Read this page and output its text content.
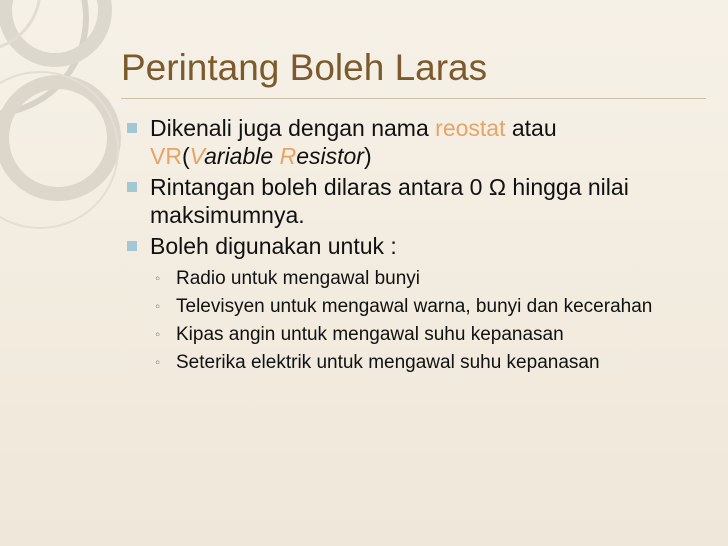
Perintang Boleh Laras
Dikenali juga dengan nama reostat atau
VR(Variable Resistor)
Rintangan boleh dilaras antara 0 Ω hingga nilai maksimumnya.
Boleh digunakan untuk :
◦ Radio untuk mengawal bunyi
◦ Televisyen untuk mengawal warna, bunyi dan kecerahan
◦ Kipas angin untuk mengawal suhu kepanasan
◦ Seterika elektrik untuk mengawal suhu kepanasan
